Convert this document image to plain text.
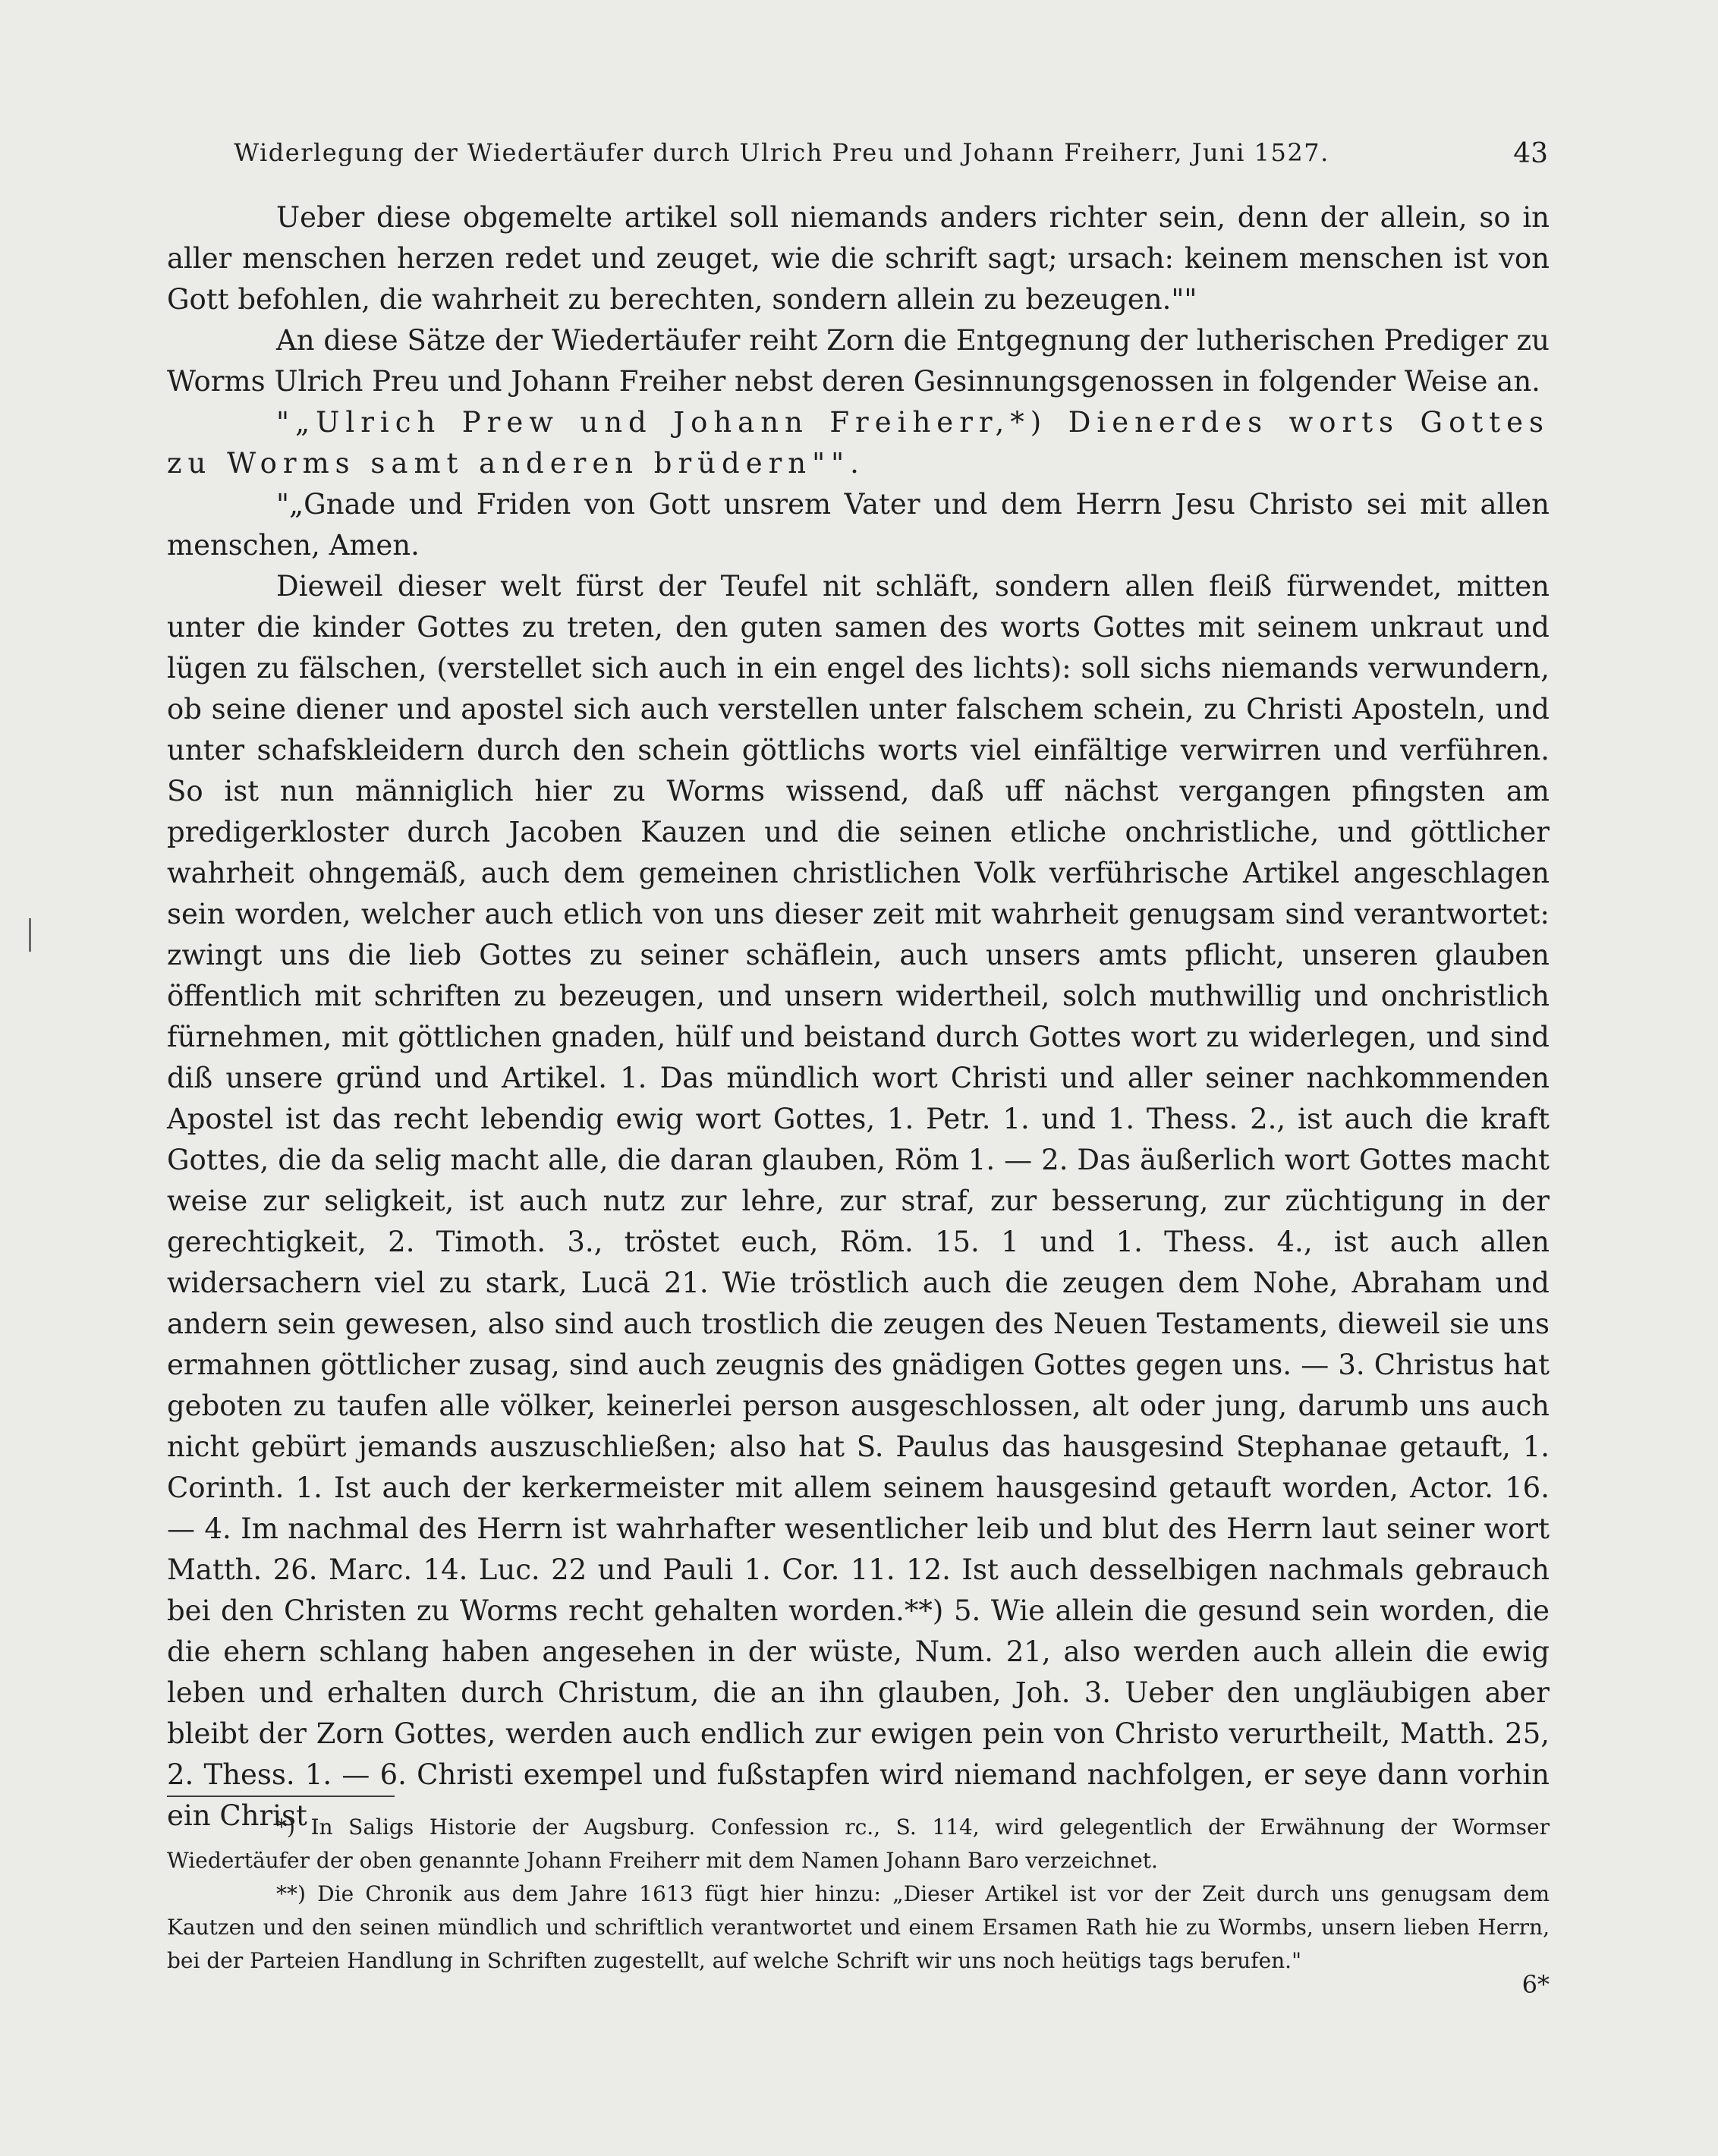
Widerlegung der Wiedertäufer durch Ulrich Preu und Johann Freiherr, Juni 1527.	43

Ueber diese obgemelte artikel soll niemands anders richter sein, denn der allein, so in aller menschen herzen redet und zeuget, wie die schrift sagt; ursach: keinem menschen ist von Gott befohlen, die wahrheit zu berechten, sondern allein zu bezeugen.""

An diese Sätze der Wiedertäufer reiht Zorn die Entgegnung der lutherischen Prediger zu Worms Ulrich Preu und Johann Freiher nebst deren Gesinnungsgenossen in folgender Weise an.

"„Ulrich Prew und Johann Freiherr,*) Dienerdes worts Gottes zu Worms samt anderen brüdern"".

"„Gnade und Friden von Gott unsrem Vater und dem Herrn Jesu Christo sei mit allen menschen, Amen.

Dieweil dieser welt fürst der Teufel nit schläft, sondern allen fleiß fürwendet, mitten unter die kinder Gottes zu treten, den guten samen des worts Gottes mit seinem unkraut und lügen zu fälschen, (verstellet sich auch in ein engel des lichts): soll sichs niemands verwundern, ob seine diener und apostel sich auch verstellen unter falschem schein, zu Christi Aposteln, und unter schafskleidern durch den schein göttlichs worts viel einfältige verwirren und verführen. So ist nun männiglich hier zu Worms wissend, daß uff nächst vergangen pfingsten am predigerkloster durch Jacoben Kauzen und die seinen etliche onchristliche, und göttlicher wahrheit ohngemäß, auch dem gemeinen christlichen Volk verführische Artikel angeschlagen sein worden, welcher auch etlich von uns dieser zeit mit wahrheit genugsam sind verantwortet: zwingt uns die lieb Gottes zu seiner schäflein, auch unsers amts pflicht, unseren glauben öffentlich mit schriften zu bezeugen, und unsern widertheil, solch muthwillig und onchristlich fürnehmen, mit göttlichen gnaden, hülf und beistand durch Gottes wort zu widerlegen, und sind diß unsere gründ und Artikel. 1. Das mündlich wort Christi und aller seiner nachkommenden Apostel ist das recht lebendig ewig wort Gottes, 1. Petr. 1. und 1. Thess. 2., ist auch die kraft Gottes, die da selig macht alle, die daran glauben, Röm 1. — 2. Das äußerlich wort Gottes macht weise zur seligkeit, ist auch nutz zur lehre, zur straf, zur besserung, zur züchtigung in der gerechtigkeit, 2. Timoth. 3., tröstet euch, Röm. 15. 1 und 1. Thess. 4., ist auch allen widersachern viel zu stark, Lucä 21. Wie tröstlich auch die zeugen dem Nohe, Abraham und andern sein gewesen, also sind auch trostlich die zeugen des Neuen Testaments, dieweil sie uns ermahnen göttlicher zusag, sind auch zeugnis des gnädigen Gottes gegen uns. — 3. Christus hat geboten zu taufen alle völker, keinerlei person ausgeschlossen, alt oder jung, darumb uns auch nicht gebürt jemands auszuschließen; also hat S. Paulus das hausgesind Stephanae getauft, 1. Corinth. 1. Ist auch der kerkermeister mit allem seinem hausgesind getauft worden, Actor. 16. — 4. Im nachmal des Herrn ist wahrhafter wesentlicher leib und blut des Herrn laut seiner wort Matth. 26. Marc. 14. Luc. 22 und Pauli 1. Cor. 11. 12. Ist auch desselbigen nachmals gebrauch bei den Christen zu Worms recht gehalten worden.**) 5. Wie allein die gesund sein worden, die die ehern schlang haben angesehen in der wüste, Num. 21, also werden auch allein die ewig leben und erhalten durch Christum, die an ihn glauben, Joh. 3. Ueber den ungläubigen aber bleibt der Zorn Gottes, werden auch endlich zur ewigen pein von Christo verurtheilt, Matth. 25, 2. Thess. 1. — 6. Christi exempel und fußstapfen wird niemand nachfolgen, er seye dann vorhin ein Christ

*) In Saligs Historie der Augsburg. Confession rc., S. 114, wird gelegentlich der Erwähnung der Wormser Wiedertäufer der oben genannte Johann Freiherr mit dem Namen Johann Baro verzeichnet.

**) Die Chronik aus dem Jahre 1613 fügt hier hinzu: „Dieser Artikel ist vor der Zeit durch uns genugsam dem Kautzen und den seinen mündlich und schriftlich verantwortet und einem Ersamen Rath hie zu Wormbs, unsern lieben Herrn, bei der Parteien Handlung in Schriften zugestellt, auf welche Schrift wir uns noch heütigs tags berufen."

6*
